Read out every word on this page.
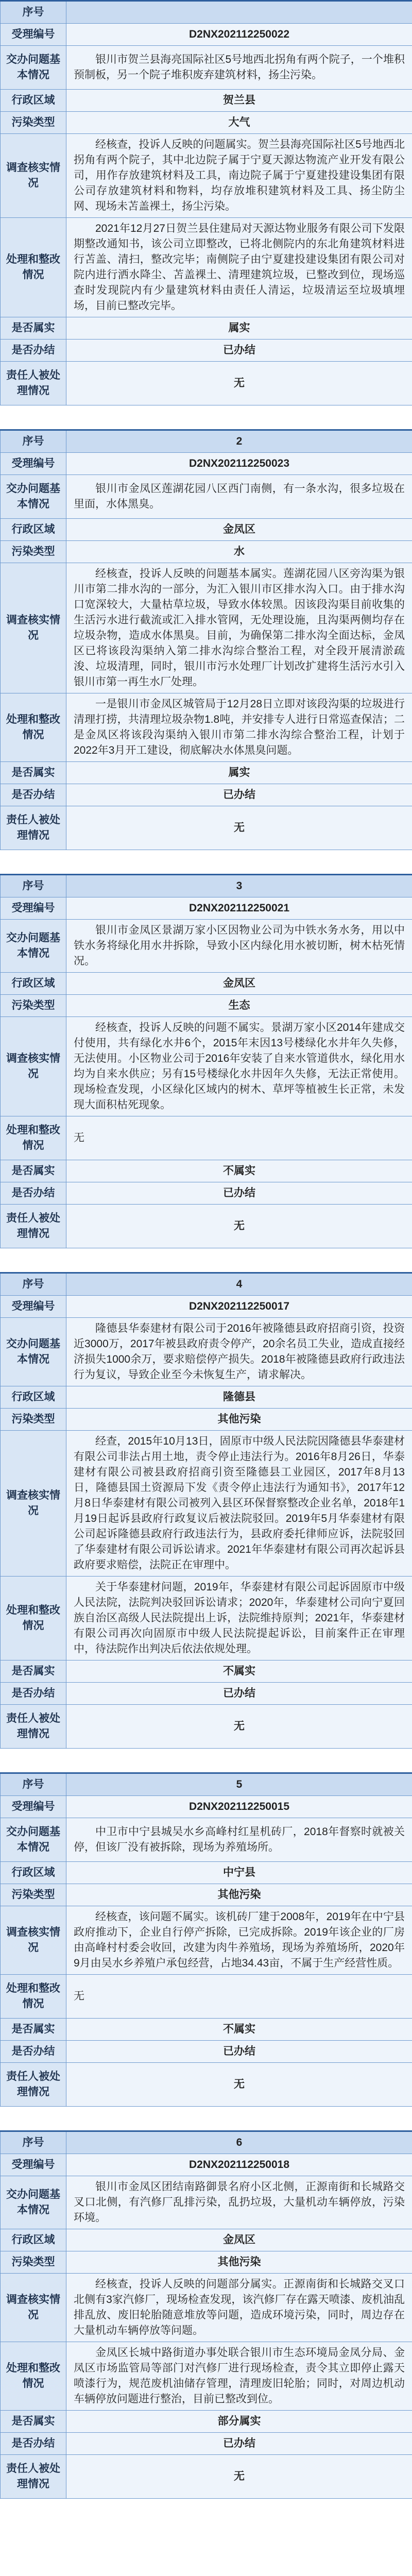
序号	
受理编号	D2NX202112250022
交办问题基本情况	银川市贺兰县海亮国际社区5号地西北拐角有两个院子，一个堆积预制板，另一个院子堆积废弃建筑材料，扬尘污染。
行政区域	贺兰县
污染类型	大气
调查核实情况	经核查，投诉人反映的问题属实。贺兰县海亮国际社区5号地西北拐角有两个院子，其中北边院子属于宁夏天源达物流产业开发有限公司，用作存放建筑材料及工具，南边院子属于宁夏建投建设集团有限公司存放建筑材料和物料，均存放堆积建筑材料及工具、扬尘防尘网、现场未苫盖裸土，扬尘污染。
处理和整改情况	2021年12月27日贺兰县住建局对天源达物业服务有限公司下发限期整改通知书，该公司立即整改，已将北侧院内的东北角建筑材料进行苫盖、清扫，整改完毕；南侧院子由宁夏建投建设集团有限公司对院内进行洒水降尘、苫盖裸土、清理建筑垃圾，已整改到位，现场巡查时发现院内有少量建筑材料由责任人清运，垃圾清运至垃圾填埋场，目前已整改完毕。
是否属实	属实
是否办结	已办结
责任人被处理情况	无
序号	2
受理编号	D2NX202112250023
交办问题基本情况	银川市金凤区莲湖花园八区西门南侧，有一条水沟，很多垃圾在里面，水体黑臭。
行政区域	金凤区
污染类型	水
调查核实情况	经核查，投诉人反映的问题基本属实。莲湖花园八区旁沟渠为银川市第二排水沟的一部分，为汇入银川市区排水沟入口。由于排水沟口宽深较大，大量枯草垃圾，导致水体较黑。因该段沟渠目前收集的生活污水进行截流或汇入排水管网，无处理设施，且沟渠两侧均存在垃圾杂物，造成水体黑臭。目前，为确保第二排水沟全面达标，金凤区已将该段沟渠纳入第二排水沟综合整治工程，对全段开展清淤疏浚、垃圾清理，同时，银川市污水处理厂计划改扩建将生活污水引入银川市第一再生水厂处理。
处理和整改情况	一是银川市金凤区城管局于12月28日立即对该段沟渠的垃圾进行清理打捞，共清理垃圾杂物1.8吨，并安排专人进行日常巡查保洁；二是金凤区将该段沟渠纳入银川市第二排水沟综合整治工程，计划于2022年3月开工建设，彻底解决水体黑臭问题。
是否属实	属实
是否办结	已办结
责任人被处理情况	无
序号	3
受理编号	D2NX202112250021
交办问题基本情况	银川市金凤区景湖万家小区因物业公司为中铁水务水务，用以中铁水务将绿化用水井拆除，导致小区内绿化用水被切断，树木枯死情况。
行政区域	金凤区
污染类型	生态
调查核实情况	经核查，投诉人反映的问题不属实。景湖万家小区2014年建成交付使用，共有绿化水井6个，2015年末因13号楼绿化水井年久失修，无法使用。小区物业公司于2016年安装了自来水管道供水，绿化用水均为自来水供应；另有15号楼绿化水井因年久失修，无法正常使用。现场检查发现，小区绿化区域内的树木、草坪等植被生长正常，未发现大面积枯死现象。
处理和整改情况	无
是否属实	不属实
是否办结	已办结
责任人被处理情况	无
序号	4
受理编号	D2NX202112250017
交办问题基本情况	隆德县华泰建材有限公司于2016年被隆德县政府招商引资，投资近3000万，2017年被县政府责令停产，20余名员工失业，造成直接经济损失1000余万，要求赔偿停产损失。2018年被隆德县政府行政违法行为复议，导致企业至今未恢复生产，请求解决。
行政区域	隆德县
污染类型	其他污染
调查核实情况	经查，2015年10月13日，固原市中级人民法院因隆德县华泰建材有限公司非法占用土地，责令停止违法行为。2016年8月26日，华泰建材有限公司被县政府招商引资至隆德县工业园区，2017年8月13日，隆德县国土资源局下发《责令停止违法行为通知书》，2017年12月8日华泰建材有限公司被列入县区环保督察整改企业名单，2018年1月19日起诉县政府行政复议后被法院驳回。2019年5月华泰建材有限公司起诉隆德县政府行政违法行为，县政府委托律师应诉，法院驳回了华泰建材有限公司诉讼请求。2021年华泰建材有限公司再次起诉县政府要求赔偿，法院正在审理中。
处理和整改情况	关于华泰建材问题，2019年，华泰建材有限公司起诉固原市中级人民法院，法院判决驳回诉讼请求；2020年，华泰建材公司向宁夏回族自治区高级人民法院提出上诉，法院维持原判；2021年，华泰建材有限公司再次向固原市中级人民法院提起诉讼，目前案件正在审理中，待法院作出判决后依法依规处理。
是否属实	不属实
是否办结	已办结
责任人被处理情况	无
序号	5
受理编号	D2NX202112250015
交办问题基本情况	中卫市中宁县城吴水乡高峰村红星机砖厂，2018年督察时就被关停，但该厂没有被拆除，现场为养殖场所。
行政区域	中宁县
污染类型	其他污染
调查核实情况	经核查，该问题不属实。该机砖厂建于2008年，2019年在中宁县政府推动下，企业自行停产拆除，已完成拆除。2019年该企业的厂房由高峰村村委会收回，改建为肉牛养殖场，现场为养殖场所，2020年9月由吴水乡养殖户承包经营，占地34.43亩，不属于生产经营性质。
处理和整改情况	无
是否属实	不属实
是否办结	已办结
责任人被处理情况	无
序号	6
受理编号	D2NX202112250018
交办问题基本情况	银川市金凤区团结南路御景名府小区北侧，正源南街和长城路交叉口北侧，有汽修厂乱排污染，乱扔垃圾，大量机动车辆停放，污染环境。
行政区域	金凤区
污染类型	其他污染
调查核实情况	经核查，投诉人反映的问题部分属实。正源南街和长城路交叉口北侧有3家汽修厂，现场检查发现，该汽修厂存在露天喷漆、废机油乱排乱放、废旧轮胎随意堆放等问题，造成环境污染，同时，周边存在大量机动车辆停放等问题。
处理和整改情况	金凤区长城中路街道办事处联合银川市生态环境局金凤分局、金凤区市场监管局等部门对汽修厂进行现场检查，责令其立即停止露天喷漆行为，规范废机油储存管理，清理废旧轮胎；同时，对周边机动车辆停放问题进行整治，目前已整改到位。
是否属实	部分属实
是否办结	已办结
责任人被处理情况	无
